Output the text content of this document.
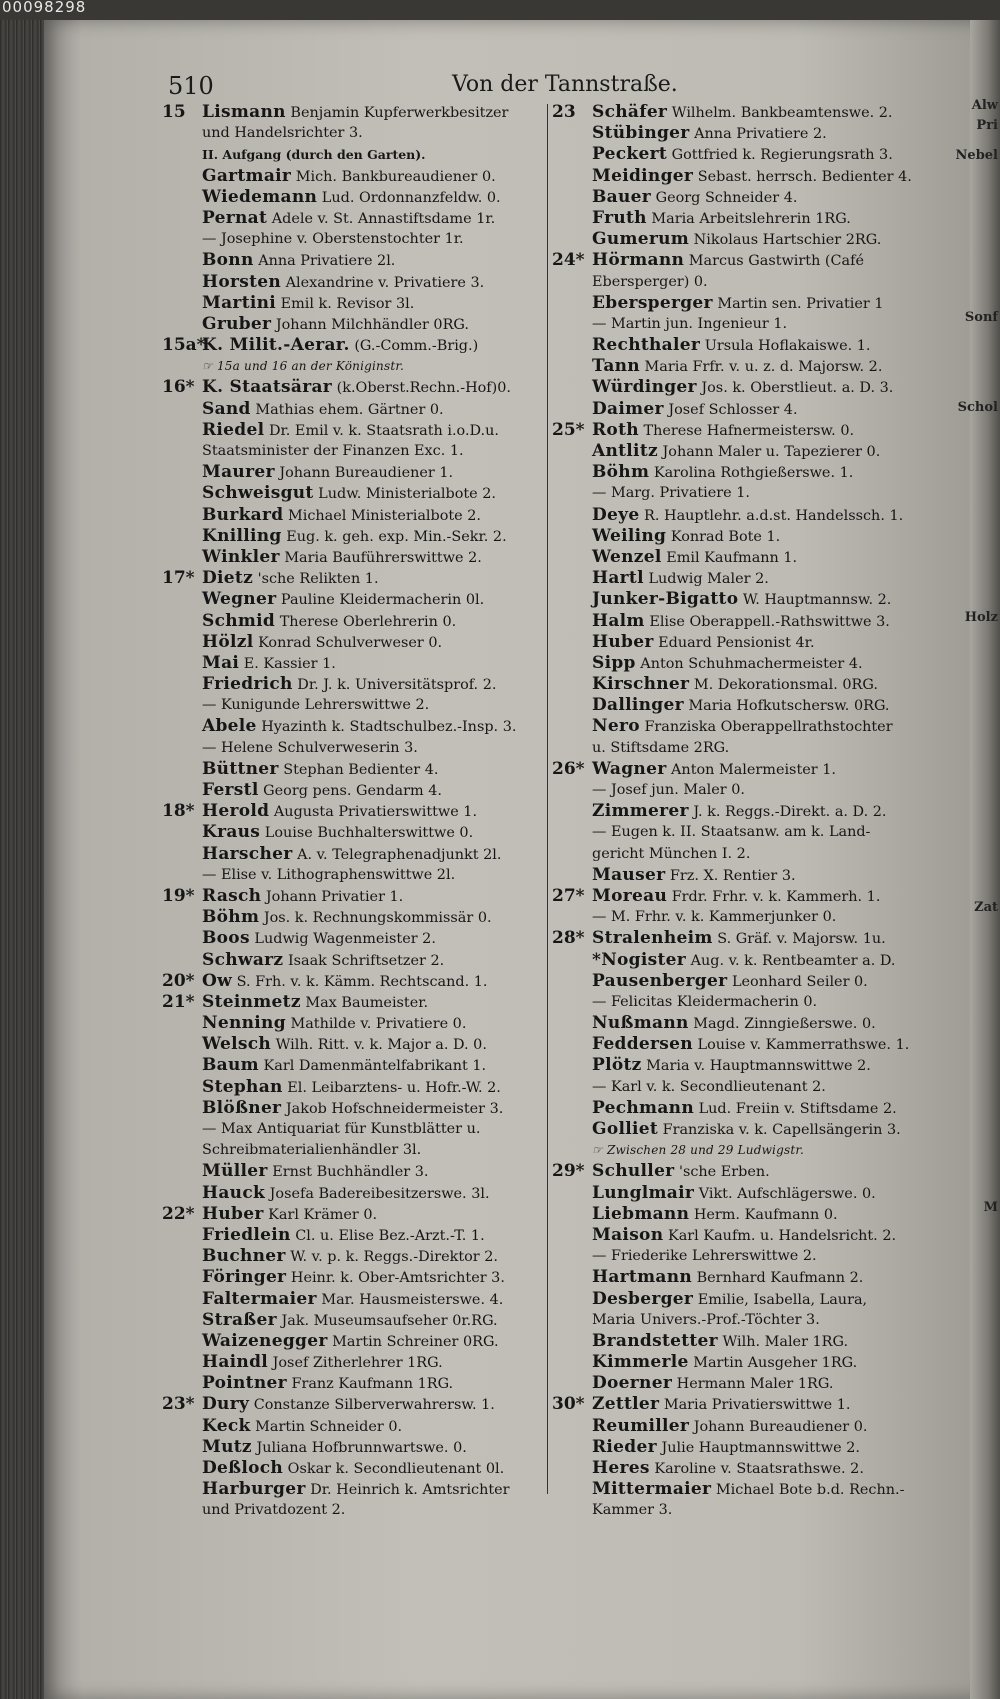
00098298
Alw
Pri
Nebel
Sonf
Schol
Holz
Zat
M
510	Von der Tannstraße.
15 Lismann Benjamin Kupferwerkbesitzer
und Handelsrichter 3.
II. Aufgang (durch den Garten).
Gartmair Mich. Bankbureaudiener 0.
Wiedemann Lud. Ordonnanzfeldw. 0.
Pernat Adele v. St. Annastiftsdame 1r.
— Josephine v. Oberstenstochter 1r.
Bonn Anna Privatiere 2l.
Horsten Alexandrine v. Privatiere 3.
Martini Emil k. Revisor 3l.
Gruber Johann Milchhändler 0RG.
15a*K. Milit.-Aerar. (G.-Comm.-Brig.)
☞ 15a und 16 an der Königinstr.
16* K. Staatsärar (k.Oberst.Rechn.-Hof)0.
Sand Mathias ehem. Gärtner 0.
Riedel Dr. Emil v. k. Staatsrath i.o.D.u.
Staatsminister der Finanzen Exc. 1.
Maurer Johann Bureaudiener 1.
Schweisgut Ludw. Ministerialbote 2.
Burkard Michael Ministerialbote 2.
Knilling Eug. k. geh. exp. Min.-Sekr. 2.
Winkler Maria Bauführerswittwe 2.
17* Dietz 'sche Relikten 1.
Wegner Pauline Kleidermacherin 0l.
Schmid Therese Oberlehrerin 0.
Hölzl Konrad Schulverweser 0.
Mai E. Kassier 1.
Friedrich Dr. J. k. Universitätsprof. 2.
— Kunigunde Lehrerswittwe 2.
Abele Hyazinth k. Stadtschulbez.-Insp. 3.
— Helene Schulverweserin 3.
Büttner Stephan Bedienter 4.
Ferstl Georg pens. Gendarm 4.
18* Herold Augusta Privatierswittwe 1.
Kraus Louise Buchhalterswittwe 0.
Harscher A. v. Telegraphenadjunkt 2l.
— Elise v. Lithographenswittwe 2l.
19* Rasch Johann Privatier 1.
Böhm Jos. k. Rechnungskommissär 0.
Boos Ludwig Wagenmeister 2.
Schwarz Isaak Schriftsetzer 2.
20* Ow S. Frh. v. k. Kämm. Rechtscand. 1.
21* Steinmetz Max Baumeister.
Nenning Mathilde v. Privatiere 0.
Welsch Wilh. Ritt. v. k. Major a. D. 0.
Baum Karl Damenmäntelfabrikant 1.
Stephan El. Leibarztens- u. Hofr.-W. 2.
Blößner Jakob Hofschneidermeister 3.
— Max Antiquariat für Kunstblätter u.
Schreibmaterialienhändler 3l.
Müller Ernst Buchhändler 3.
Hauck Josefa Badereibesitzerswe. 3l.
22* Huber Karl Krämer 0.
Friedlein Cl. u. Elise Bez.-Arzt.-T. 1.
Buchner W. v. p. k. Reggs.-Direktor 2.
Föringer Heinr. k. Ober-Amtsrichter 3.
Faltermaier Mar. Hausmeisterswe. 4.
Straßer Jak. Museumsaufseher 0r.RG.
Waizenegger Martin Schreiner 0RG.
Haindl Josef Zitherlehrer 1RG.
Pointner Franz Kaufmann 1RG.
23* Dury Constanze Silberverwahrersw. 1.
Keck Martin Schneider 0.
Mutz Juliana Hofbrunnwartswe. 0.
Deßloch Oskar k. Secondlieutenant 0l.
Harburger Dr. Heinrich k. Amtsrichter
und Privatdozent 2.
23 Schäfer Wilhelm. Bankbeamtenswe. 2.
Stübinger Anna Privatiere 2.
Peckert Gottfried k. Regierungsrath 3.
Meidinger Sebast. herrsch. Bedienter 4.
Bauer Georg Schneider 4.
Fruth Maria Arbeitslehrerin 1RG.
Gumerum Nikolaus Hartschier 2RG.
24* Hörmann Marcus Gastwirth (Café
Ebersperger) 0.
Ebersperger Martin sen. Privatier 1
— Martin jun. Ingenieur 1.
Rechthaler Ursula Hoflakaiswe. 1.
Tann Maria Frfr. v. u. z. d. Majorsw. 2.
Würdinger Jos. k. Oberstlieut. a. D. 3.
Daimer Josef Schlosser 4.
25* Roth Therese Hafnermeistersw. 0.
Antlitz Johann Maler u. Tapezierer 0.
Böhm Karolina Rothgießerswe. 1.
— Marg. Privatiere 1.
Deye R. Hauptlehr. a.d.st. Handelssch. 1.
Weiling Konrad Bote 1.
Wenzel Emil Kaufmann 1.
Hartl Ludwig Maler 2.
Junker-Bigatto W. Hauptmannsw. 2.
Halm Elise Oberappell.-Rathswittwe 3.
Huber Eduard Pensionist 4r.
Sipp Anton Schuhmachermeister 4.
Kirschner M. Dekorationsmal. 0RG.
Dallinger Maria Hofkutschersw. 0RG.
Nero Franziska Oberappellrathstochter
u. Stiftsdame 2RG.
26* Wagner Anton Malermeister 1.
— Josef jun. Maler 0.
Zimmerer J. k. Reggs.-Direkt. a. D. 2.
— Eugen k. II. Staatsanw. am k. Land-
gericht München I. 2.
Mauser Frz. X. Rentier 3.
27* Moreau Frdr. Frhr. v. k. Kammerh. 1.
— M. Frhr. v. k. Kammerjunker 0.
28* Stralenheim S. Gräf. v. Majorsw. 1u.
*Nogister Aug. v. k. Rentbeamter a. D.
Pausenberger Leonhard Seiler 0.
— Felicitas Kleidermacherin 0.
Nußmann Magd. Zinngießerswe. 0.
Feddersen Louise v. Kammerrathswe. 1.
Plötz Maria v. Hauptmannswittwe 2.
— Karl v. k. Secondlieutenant 2.
Pechmann Lud. Freiin v. Stiftsdame 2.
Golliet Franziska v. k. Capellsängerin 3.
☞ Zwischen 28 und 29 Ludwigstr.
29* Schuller 'sche Erben.
Lunglmair Vikt. Aufschlägerswe. 0.
Liebmann Herm. Kaufmann 0.
Maison Karl Kaufm. u. Handelsricht. 2.
— Friederike Lehrerswittwe 2.
Hartmann Bernhard Kaufmann 2.
Desberger Emilie, Isabella, Laura,
Maria Univers.-Prof.-Töchter 3.
Brandstetter Wilh. Maler 1RG.
Kimmerle Martin Ausgeher 1RG.
Doerner Hermann Maler 1RG.
30* Zettler Maria Privatierswittwe 1.
Reumiller Johann Bureaudiener 0.
Rieder Julie Hauptmannswittwe 2.
Heres Karoline v. Staatsrathswe. 2.
Mittermaier Michael Bote b.d. Rechn.-
Kammer 3.
